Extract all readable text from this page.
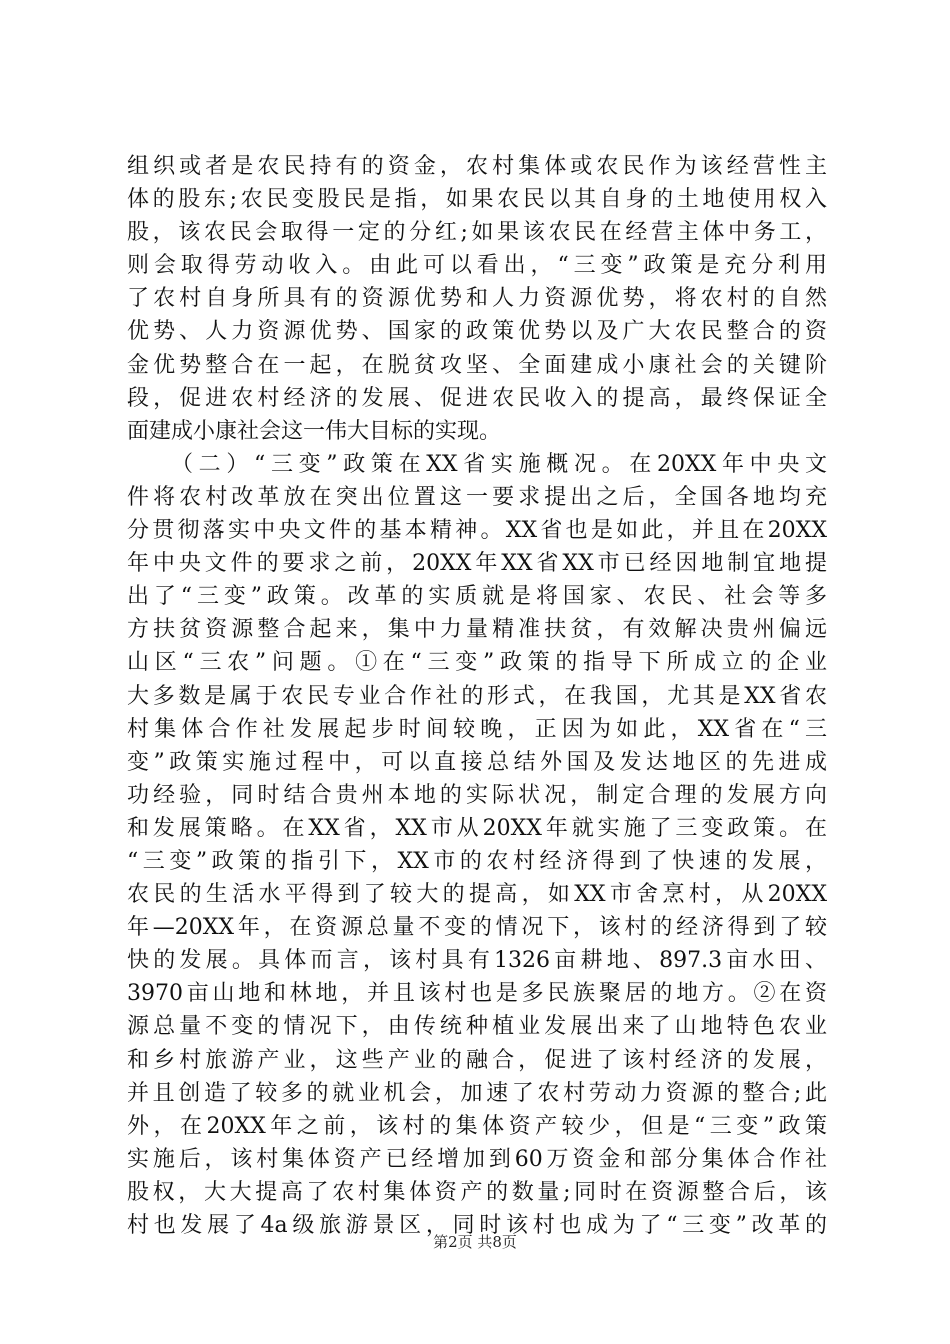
组织或者是农民持有的资金，农村集体或农民作为该经营性主
体的股东;农民变股民是指，如果农民以其自身的土地使用权入
股，该农民会取得一定的分红;如果该农民在经营主体中务工，
则会取得劳动收入。由此可以看出，“三变”政策是充分利用
了农村自身所具有的资源优势和人力资源优势，将农村的自然
优势、人力资源优势、国家的政策优势以及广大农民整合的资
金优势整合在一起，在脱贫攻坚、全面建成小康社会的关键阶
段，促进农村经济的发展、促进农民收入的提高，最终保证全
面建成小康社会这一伟大目标的实现。
（二）“三变”政策在XX省实施概况。在20XX年中央文
件将农村改革放在突出位置这一要求提出之后，全国各地均充
分贯彻落实中央文件的基本精神。XX省也是如此，并且在20XX
年中央文件的要求之前，20XX年XX省XX市已经因地制宜地提
出了“三变”政策。改革的实质就是将国家、农民、社会等多
方扶贫资源整合起来，集中力量精准扶贫，有效解决贵州偏远
山区“三农”问题。①在“三变”政策的指导下所成立的企业
大多数是属于农民专业合作社的形式，在我国，尤其是XX省农
村集体合作社发展起步时间较晚，正因为如此，XX省在“三
变”政策实施过程中，可以直接总结外国及发达地区的先进成
功经验，同时结合贵州本地的实际状况，制定合理的发展方向
和发展策略。在XX省，XX市从20XX年就实施了三变政策。在
“三变”政策的指引下，XX市的农村经济得到了快速的发展，
农民的生活水平得到了较大的提高，如XX市舍烹村，从20XX
年—20XX年，在资源总量不变的情况下，该村的经济得到了较
快的发展。具体而言，该村具有1326亩耕地、897.3亩水田、
3970亩山地和林地，并且该村也是多民族聚居的地方。②在资
源总量不变的情况下，由传统种植业发展出来了山地特色农业
和乡村旅游产业，这些产业的融合，促进了该村经济的发展，
并且创造了较多的就业机会，加速了农村劳动力资源的整合;此
外，在20XX年之前，该村的集体资产较少，但是“三变”政策
实施后，该村集体资产已经增加到60万资金和部分集体合作社
股权，大大提高了农村集体资产的数量;同时在资源整合后，该
村也发展了4a级旅游景区，同时该村也成为了“三变”改革的
第2页 共8页
